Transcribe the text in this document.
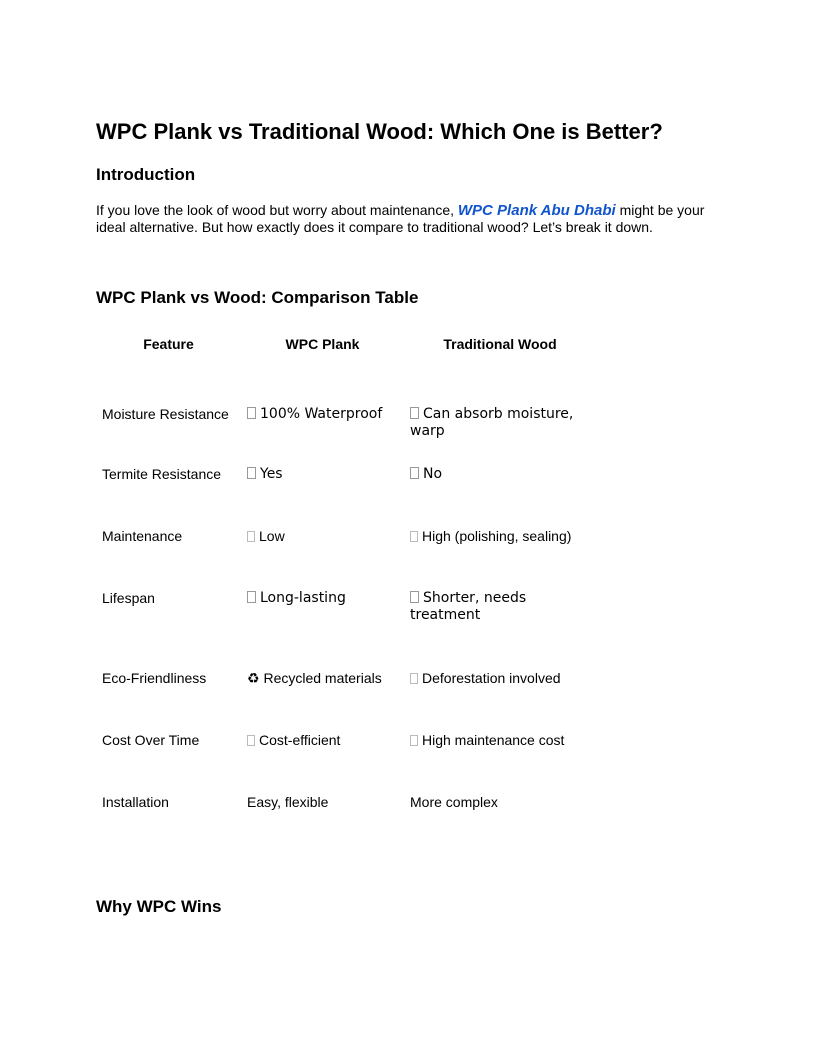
WPC Plank vs Traditional Wood: Which One is Better?
Introduction

If you love the look of wood but worry about maintenance, WPC Plank Abu Dhabi might be your ideal alternative. But how exactly does it compare to traditional wood? Let’s break it down.

WPC Plank vs Wood: Comparison Table
Feature	WPC Plank	Traditional Wood
Moisture Resistance	100% Waterproof	Can absorb moisture, warp
Termite Resistance	Yes	No
Maintenance	Low	High (polishing, sealing)
Lifespan	Long-lasting	Shorter, needs treatment
Eco-Friendliness	♻ Recycled materials	Deforestation involved
Cost Over Time	Cost-efficient	High maintenance cost
Installation	Easy, flexible	More complex
Why WPC Wins
